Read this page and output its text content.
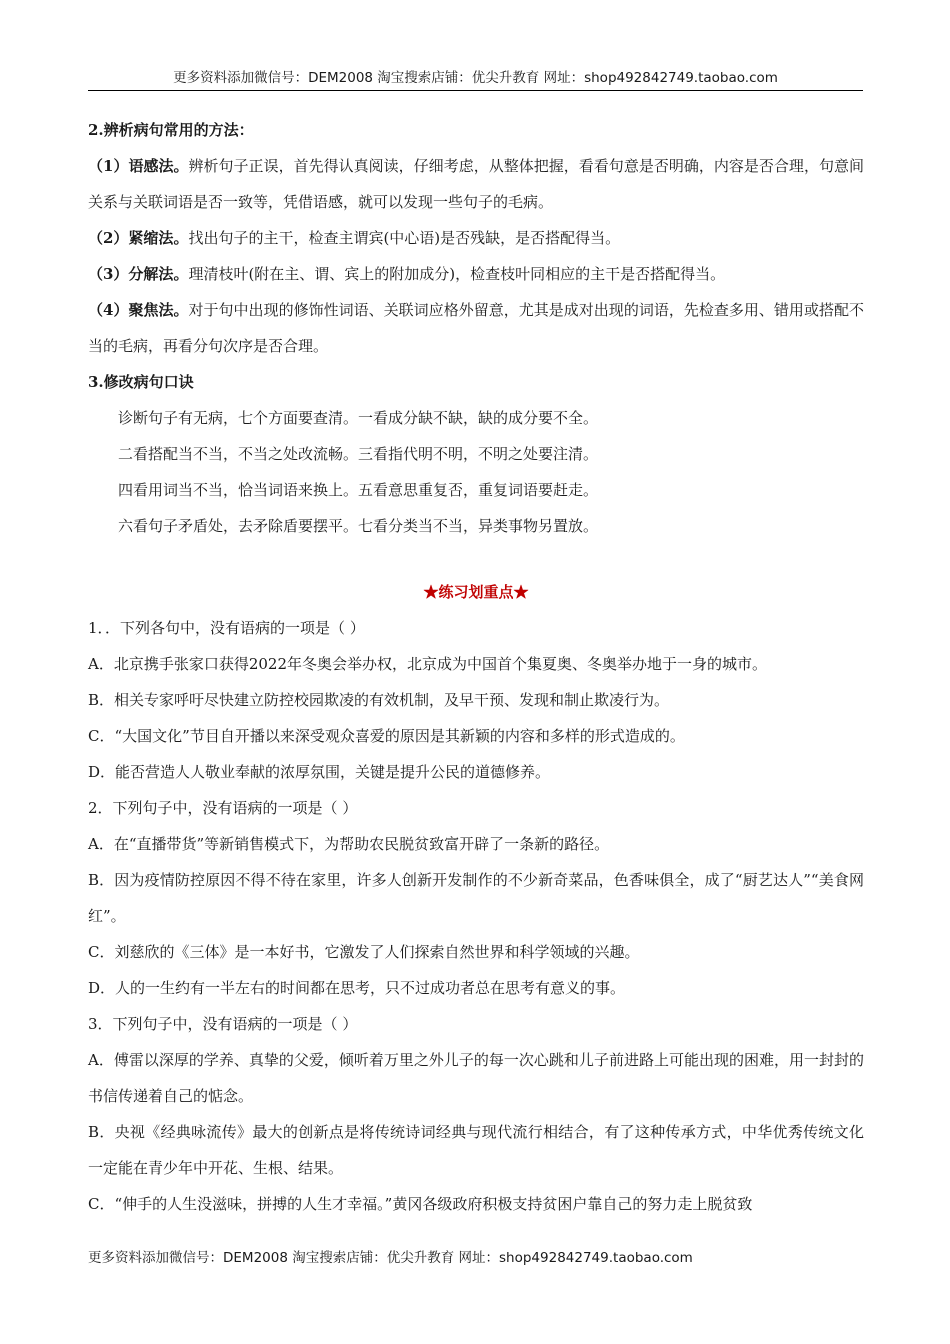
更多资料添加微信号：DEM2008 淘宝搜索店铺：优尖升教育 网址：shop492842749.taobao.com
2.辨析病句常用的方法：
（1）语感法。辨析句子正误，首先得认真阅读，仔细考虑，从整体把握，看看句意是否明确，内容是否合理，句意间关系与关联词语是否一致等，凭借语感，就可以发现一些句子的毛病。
（2）紧缩法。找出句子的主干，检查主谓宾(中心语)是否残缺，是否搭配得当。
（3）分解法。理清枝叶(附在主、谓、宾上的附加成分)，检查枝叶同相应的主干是否搭配得当。
（4）聚焦法。对于句中出现的修饰性词语、关联词应格外留意，尤其是成对出现的词语，先检查多用、错用或搭配不当的毛病，再看分句次序是否合理。
3.修改病句口诀
诊断句子有无病，七个方面要查清。一看成分缺不缺，缺的成分要不全。
二看搭配当不当，不当之处改流畅。三看指代明不明，不明之处要注清。
四看用词当不当，恰当词语来换上。五看意思重复否，重复词语要赶走。
六看句子矛盾处，去矛除盾要摆平。七看分类当不当，异类事物另置放。
★练习划重点★
1．．下列各句中，没有语病的一项是（ ）
A．北京携手张家口获得2022年冬奥会举办权，北京成为中国首个集夏奥、冬奥举办地于一身的城市。
B．相关专家呼吁尽快建立防控校园欺凌的有效机制，及早干预、发现和制止欺凌行为。
C．“大国文化”节目自开播以来深受观众喜爱的原因是其新颖的内容和多样的形式造成的。
D．能否营造人人敬业奉献的浓厚氛围，关键是提升公民的道德修养。
2．下列句子中，没有语病的一项是（ ）
A．在“直播带货”等新销售模式下，为帮助农民脱贫致富开辟了一条新的路径。
B．因为疫情防控原因不得不待在家里，许多人创新开发制作的不少新奇菜品，色香味俱全，成了“厨艺达人”“美食网红”。
C．刘慈欣的《三体》是一本好书，它激发了人们探索自然世界和科学领域的兴趣。
D．人的一生约有一半左右的时间都在思考，只不过成功者总在思考有意义的事。
3．下列句子中，没有语病的一项是（ ）
A．傅雷以深厚的学养、真挚的父爱，倾听着万里之外儿子的每一次心跳和儿子前进路上可能出现的困难，用一封封的书信传递着自己的惦念。
B．央视《经典咏流传》最大的创新点是将传统诗词经典与现代流行相结合，有了这种传承方式，中华优秀传统文化一定能在青少年中开花、生根、结果。
C．“伸手的人生没滋味，拼搏的人生才幸福。”黄冈各级政府积极支持贫困户靠自己的努力走上脱贫致
更多资料添加微信号：DEM2008 淘宝搜索店铺：优尖升教育 网址：shop492842749.taobao.com
